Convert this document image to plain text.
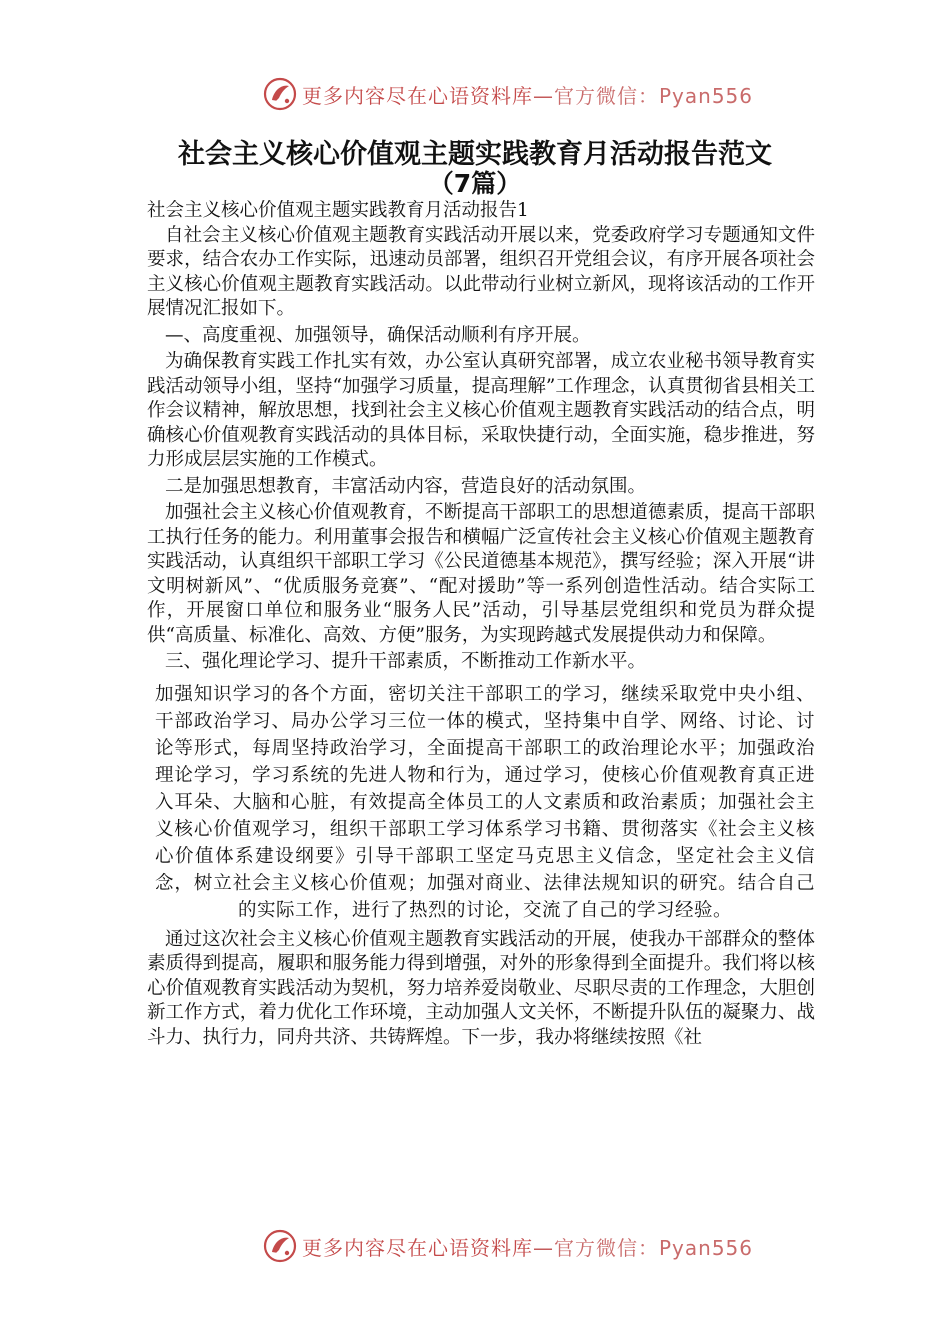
更多内容尽在心语资料库—官方微信：Pyan556
社会主义核心价值观主题实践教育月活动报告范文
（7篇）

社会主义核心价值观主题实践教育月活动报告1

自社会主义核心价值观主题教育实践活动开展以来，党委政府学习专题通知文件要求，结合农办工作实际，迅速动员部署，组织召开党组会议，有序开展各项社会主义核心价值观主题教育实践活动。以此带动行业树立新风，现将该活动的工作开展情况汇报如下。

—、高度重视、加强领导，确保活动顺利有序开展。

为确保教育实践工作扎实有效，办公室认真研究部署，成立农业秘书领导教育实践活动领导小组，坚持“加强学习质量，提高理解”工作理念，认真贯彻省县相关工作会议精神，解放思想，找到社会主义核心价值观主题教育实践活动的结合点，明确核心价值观教育实践活动的具体目标，采取快捷行动，全面实施，稳步推进，努力形成层层实施的工作模式。

二是加强思想教育，丰富活动内容，营造良好的活动氛围。

加强社会主义核心价值观教育，不断提高干部职工的思想道德素质，提高干部职工执行任务的能力。利用董事会报告和横幅广泛宣传社会主义核心价值观主题教育实践活动，认真组织干部职工学习《公民道德基本规范》，撰写经验；深入开展“讲文明树新风”、“优质服务竞赛”、“配对援助”等一系列创造性活动。结合实际工作，开展窗口单位和服务业“服务人民”活动，引导基层党组织和党员为群众提供“高质量、标准化、高效、方便”服务，为实现跨越式发展提供动力和保障。

三、强化理论学习、提升干部素质，不断推动工作新水平。

加强知识学习的各个方面，密切关注干部职工的学习，继续采取党中央小组、干部政治学习、局办公学习三位一体的模式，坚持集中自学、网络、讨论、讨论等形式，每周坚持政治学习，全面提高干部职工的政治理论水平；加强政治理论学习，学习系统的先进人物和行为，通过学习，使核心价值观教育真正进入耳朵、大脑和心脏，有效提高全体员工的人文素质和政治素质；加强社会主义核心价值观学习，组织干部职工学习体系学习书籍、贯彻落实《社会主义核心价值体系建设纲要》引导干部职工坚定马克思主义信念，坚定社会主义信念，树立社会主义核心价值观；加强对商业、法律法规知识的研究。结合自己的实际工作，进行了热烈的讨论，交流了自己的学习经验。

通过这次社会主义核心价值观主题教育实践活动的开展，使我办干部群众的整体素质得到提高，履职和服务能力得到增强，对外的形象得到全面提升。我们将以核心价值观教育实践活动为契机，努力培养爱岗敬业、尽职尽责的工作理念，大胆创新工作方式，着力优化工作环境，主动加强人文关怀，不断提升队伍的凝聚力、战斗力、执行力，同舟共济、共铸辉煌。下一步，我办将继续按照《社

更多内容尽在心语资料库—官方微信：Pyan556
